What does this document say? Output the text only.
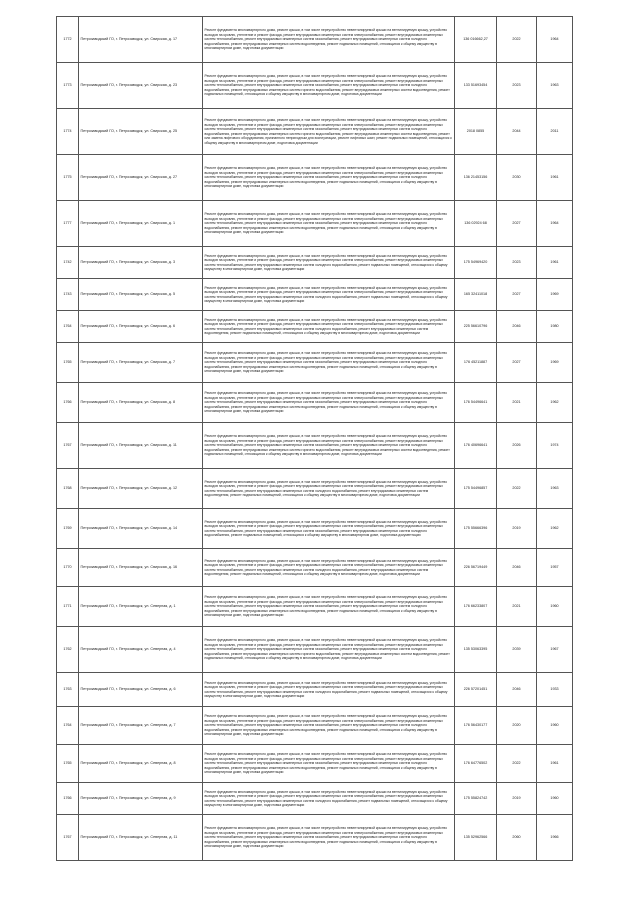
1772	Петрозаводский ГО, г. Петрозаводск, ул. Свирская, д. 17	Ремонт фундамента многоквартирного дома, ремонт крыши, в том числе переустройство невентилируемой крыши на вентилируемую крышу, устройство выходов на кровлю, утепление и ремонт фасада, ремонт внутридомовых инженерных систем электроснабжения, ремонт внутридомовых инженерных систем теплоснабжения, ремонт внутридомовых инженерных систем газоснабжения, ремонт внутридомовых инженерных систем холодного водоснабжения, ремонт внутридомовых инженерных систем водоотведения, ремонт подвальных помещений, относящихся к общему имуществу в многоквартирном доме, подготовка документации	136 016662,27	2022	1964
1773	Петрозаводский ГО, г. Петрозаводск, ул. Свирская, д. 23	Ремонт фундамента многоквартирного дома, ремонт крыши, в том числе переустройство невентилируемой крыши на вентилируемую крышу, устройство выходов на кровлю, утепление и ремонт фасада, ремонт внутридомовых инженерных систем электроснабжения, ремонт внутридомовых инженерных систем теплоснабжения, ремонт внутридомовых инженерных систем газоснабжения, ремонт внутридомовых инженерных систем холодного водоснабжения, ремонт внутридомовых инженерных систем горячего водоснабжения, ремонт внутридомовых инженерных систем водоотведения, ремонт подвальных помещений, относящихся к общему имуществу в многоквартирном доме, подготовка документации	133 51693454	2023	1963
1774	Петрозаводский ГО, г. Петрозаводск, ул. Свирская, д. 25	Ремонт фундамента многоквартирного дома, ремонт крыши, в том числе переустройство невентилируемой крыши на вентилируемую крышу, устройство выходов на кровлю, утепление и ремонт фасада, ремонт внутридомовых инженерных систем электроснабжения, ремонт внутридомовых инженерных систем теплоснабжения, ремонт внутридомовых инженерных систем газоснабжения, ремонт внутридомовых инженерных систем холодного водоснабжения, ремонт внутридомовых инженерных систем горячего водоснабжения, ремонт внутридомовых инженерных систем водоотведения, ремонт или замена лифтового оборудования, признанного непригодным для эксплуатации, ремонт лифтовых шахт, ремонт подвальных помещений, относящихся к общему имуществу в многоквартирном доме, подготовка документации	2018 0855	2044	2011
1775	Петрозаводский ГО, г. Петрозаводск, ул. Свирская, д. 27	Ремонт фундамента многоквартирного дома, ремонт крыши, в том числе переустройство невентилируемой крыши на вентилируемую крышу, устройство выходов на кровлю, утепление и ремонт фасада, ремонт внутридомовых инженерных систем электроснабжения, ремонт внутридомовых инженерных систем теплоснабжения, ремонт внутридомовых инженерных систем газоснабжения, ремонт внутридомовых инженерных систем холодного водоснабжения, ремонт внутридомовых инженерных систем водоотведения, ремонт подвальных помещений, относящихся к общему имуществу в многоквартирном доме, подготовка документации	136 21453156	2030	1961
1777	Петрозаводский ГО, г. Петрозаводск, ул. Свирская, д. 1	Ремонт фундамента многоквартирного дома, ремонт крыши, в том числе переустройство невентилируемой крыши на вентилируемую крышу, устройство выходов на кровлю, утепление и ремонт фасада, ремонт внутридомовых инженерных систем электроснабжения, ремонт внутридомовых инженерных систем теплоснабжения, ремонт внутридомовых инженерных систем газоснабжения, ремонт внутридомовых инженерных систем холодного водоснабжения, ремонт внутридомовых инженерных систем водоотведения, ремонт подвальных помещений, относящихся к общему имуществу в многоквартирном доме, подготовка документации	136 02924 68	2027	1964
1742	Петрозаводский ГО, г. Петрозаводск, ул. Свирская, д. 3	Ремонт фундамента многоквартирного дома, ремонт крыши, в том числе переустройство невентилируемой крыши на вентилируемую крышу, устройство выходов на кровлю, утепление и ремонт фасада, ремонт внутридомовых инженерных систем электроснабжения, ремонт внутридомовых инженерных систем теплоснабжения, ремонт внутридомовых инженерных систем холодного водоснабжения, ремонт подвальных помещений, относящихся к общему имуществу в многоквартирном доме, подготовка документации	175 54969420	2023	1961
1743	Петрозаводский ГО, г. Петрозаводск, ул. Свирская, д. 5	Ремонт фундамента многоквартирного дома, ремонт крыши, в том числе переустройство невентилируемой крыши на вентилируемую крышу, устройство выходов на кровлю, утепление и ремонт фасада, ремонт внутридомовых инженерных систем электроснабжения, ремонт внутридомовых инженерных систем теплоснабжения, ремонт внутридомовых инженерных систем холодного водоснабжения, ремонт подвальных помещений, относящихся к общему имуществу в многоквартирном доме, подготовка документации	165 32411018	2027	1969
1764	Петрозаводский ГО, г. Петрозаводск, ул. Свирская, д. 6	Ремонт фундамента многоквартирного дома, ремонт крыши, в том числе переустройство невентилируемой крыши на вентилируемую крышу, устройство выходов на кровлю, утепление и ремонт фасада, ремонт внутридомовых инженерных систем электроснабжения, ремонт внутридомовых инженерных систем теплоснабжения, ремонт внутридомовых инженерных систем холодного водоснабжения, ремонт внутридомовых инженерных систем водоотведения, ремонт подвальных помещений, относящихся к общему имуществу в многоквартирном доме, подготовка документации	225 56610796	2046	1980
1765	Петрозаводский ГО, г. Петрозаводск, ул. Свирская, д. 7	Ремонт фундамента многоквартирного дома, ремонт крыши, в том числе переустройство невентилируемой крыши на вентилируемую крышу, устройство выходов на кровлю, утепление и ремонт фасада, ремонт внутридомовых инженерных систем электроснабжения, ремонт внутридомовых инженерных систем теплоснабжения, ремонт внутридомовых инженерных систем газоснабжения, ремонт внутридомовых инженерных систем холодного водоснабжения, ремонт внутридомовых инженерных систем водоотведения, ремонт подвальных помещений, относящихся к общему имуществу в многоквартирном доме, подготовка документации	176 45211887	2027	1969
1766	Петрозаводский ГО, г. Петрозаводск, ул. Свирская, д. 8	Ремонт фундамента многоквартирного дома, ремонт крыши, в том числе переустройство невентилируемой крыши на вентилируемую крышу, устройство выходов на кровлю, утепление и ремонт фасада, ремонт внутридомовых инженерных систем электроснабжения, ремонт внутридомовых инженерных систем теплоснабжения, ремонт внутридомовых инженерных систем газоснабжения, ремонт внутридомовых инженерных систем холодного водоснабжения, ремонт внутридомовых инженерных систем водоотведения, ремонт подвальных помещений, относящихся к общему имуществу в многоквартирном доме, подготовка документации	176 54496641	2021	1962
1767	Петрозаводский ГО, г. Петрозаводск, ул. Свирская, д. 11	Ремонт фундамента многоквартирного дома, ремонт крыши, в том числе переустройство невентилируемой крыши на вентилируемую крышу, устройство выходов на кровлю, утепление и ремонт фасада, ремонт внутридомовых инженерных систем электроснабжения, ремонт внутридомовых инженерных систем теплоснабжения, ремонт внутридомовых инженерных систем газоснабжения, ремонт внутридомовых инженерных систем холодного водоснабжения, ремонт внутридомовых инженерных систем горячего водоснабжения, ремонт внутридомовых инженерных систем водоотведения, ремонт подвальных помещений, относящихся к общему имуществу в многоквартирном доме, подготовка документации	176 40696641	2026	1974
1768	Петрозаводский ГО, г. Петрозаводск, ул. Свирская, д. 12	Ремонт фундамента многоквартирного дома, ремонт крыши, в том числе переустройство невентилируемой крыши на вентилируемую крышу, устройство выходов на кровлю, утепление и ремонт фасада, ремонт внутридомовых инженерных систем электроснабжения, ремонт внутридомовых инженерных систем теплоснабжения, ремонт внутридомовых инженерных систем холодного водоснабжения, ремонт внутридомовых инженерных систем водоотведения, ремонт подвальных помещений, относящихся к общему имуществу в многоквартирном доме, подготовка документации	175 54496857	2022	1963
1769	Петрозаводский ГО, г. Петрозаводск, ул. Свирская, д. 14	Ремонт фундамента многоквартирного дома, ремонт крыши, в том числе переустройство невентилируемой крыши на вентилируемую крышу, устройство выходов на кровлю, утепление и ремонт фасада, ремонт внутридомовых инженерных систем электроснабжения, ремонт внутридомовых инженерных систем теплоснабжения, ремонт внутридомовых инженерных систем газоснабжения, ремонт внутридомовых инженерных систем холодного водоснабжения, ремонт подвальных помещений, относящихся к общему имуществу в многоквартирном доме, подготовка документации	175 55666396	2019	1962
1770	Петрозаводский ГО, г. Петрозаводск, ул. Свирская, д. 16	Ремонт фундамента многоквартирного дома, ремонт крыши, в том числе переустройство невентилируемой крыши на вентилируемую крышу, устройство выходов на кровлю, утепление и ремонт фасада, ремонт внутридомовых инженерных систем электроснабжения, ремонт внутридомовых инженерных систем теплоснабжения, ремонт внутридомовых инженерных систем холодного водоснабжения, ремонт внутридомовых инженерных систем водоотведения, ремонт подвальных помещений, относящихся к общему имуществу в многоквартирном доме, подготовка документации	226 56719449	2046	1957
1771	Петрозаводский ГО, г. Петрозаводск, ул. Северная, д. 1	Ремонт фундамента многоквартирного дома, ремонт крыши, в том числе переустройство невентилируемой крыши на вентилируемую крышу, устройство выходов на кровлю, утепление и ремонт фасада, ремонт внутридомовых инженерных систем электроснабжения, ремонт внутридомовых инженерных систем теплоснабжения, ремонт внутридомовых инженерных систем газоснабжения, ремонт внутридомовых инженерных систем холодного водоснабжения, ремонт внутридомовых инженерных систем водоотведения, ремонт подвальных помещений, относящихся к общему имуществу в многоквартирном доме, подготовка документации	176 66233807	2021	1960
1762	Петрозаводский ГО, г. Петрозаводск, ул. Северная, д. 4	Ремонт фундамента многоквартирного дома, ремонт крыши, в том числе переустройство невентилируемой крыши на вентилируемую крышу, устройство выходов на кровлю, утепление и ремонт фасада, ремонт внутридомовых инженерных систем электроснабжения, ремонт внутридомовых инженерных систем теплоснабжения, ремонт внутридомовых инженерных систем газоснабжения, ремонт внутридомовых инженерных систем холодного водоснабжения, ремонт внутридомовых инженерных систем горячего водоснабжения, ремонт внутридомовых инженерных систем водоотведения, ремонт подвальных помещений, относящихся к общему имуществу в многоквартирном доме, подготовка документации	135 53063395	2039	1967
1763	Петрозаводский ГО, г. Петрозаводск, ул. Северная, д. 6	Ремонт фундамента многоквартирного дома, ремонт крыши, в том числе переустройство невентилируемой крыши на вентилируемую крышу, устройство выходов на кровлю, утепление и ремонт фасада, ремонт внутридомовых инженерных систем электроснабжения, ремонт внутридомовых инженерных систем теплоснабжения, ремонт внутридомовых инженерных систем холодного водоснабжения, ремонт подвальных помещений, относящихся к общему имуществу в многоквартирном доме, подготовка документации	226 57201451	2046	1933
1764	Петрозаводский ГО, г. Петрозаводск, ул. Северная, д. 7	Ремонт фундамента многоквартирного дома, ремонт крыши, в том числе переустройство невентилируемой крыши на вентилируемую крышу, устройство выходов на кровлю, утепление и ремонт фасада, ремонт внутридомовых инженерных систем электроснабжения, ремонт внутридомовых инженерных систем теплоснабжения, ремонт внутридомовых инженерных систем газоснабжения, ремонт внутридомовых инженерных систем холодного водоснабжения, ремонт внутридомовых инженерных систем водоотведения, ремонт подвальных помещений, относящихся к общему имуществу в многоквартирном доме, подготовка документации	176 56430177	2020	1960
1765	Петрозаводский ГО, г. Петрозаводск, ул. Северная, д. 8	Ремонт фундамента многоквартирного дома, ремонт крыши, в том числе переустройство невентилируемой крыши на вентилируемую крышу, устройство выходов на кровлю, утепление и ремонт фасада, ремонт внутридомовых инженерных систем электроснабжения, ремонт внутридомовых инженерных систем теплоснабжения, ремонт внутридомовых инженерных систем газоснабжения, ремонт внутридомовых инженерных систем холодного водоснабжения, ремонт внутридомовых инженерных систем водоотведения, ремонт подвальных помещений, относящихся к общему имуществу в многоквартирном доме, подготовка документации	176 64776502	2022	1961
1766	Петрозаводский ГО, г. Петрозаводск, ул. Северная, д. 9	Ремонт фундамента многоквартирного дома, ремонт крыши, в том числе переустройство невентилируемой крыши на вентилируемую крышу, устройство выходов на кровлю, утепление и ремонт фасада, ремонт внутридомовых инженерных систем электроснабжения, ремонт внутридомовых инженерных систем теплоснабжения, ремонт внутридомовых инженерных систем холодного водоснабжения, ремонт подвальных помещений, относящихся к общему имуществу в многоквартирном доме, подготовка документации	175 55824742	2019	1960
1767	Петрозаводский ГО, г. Петрозаводск, ул. Северная, д. 11	Ремонт фундамента многоквартирного дома, ремонт крыши, в том числе переустройство невентилируемой крыши на вентилируемую крышу, устройство выходов на кровлю, утепление и ремонт фасада, ремонт внутридомовых инженерных систем электроснабжения, ремонт внутридомовых инженерных систем теплоснабжения, ремонт внутридомовых инженерных систем газоснабжения, ремонт внутридомовых инженерных систем холодного водоснабжения, ремонт внутридомовых инженерных систем водоотведения, ремонт подвальных помещений, относящихся к общему имуществу в многоквартирном доме, подготовка документации	135 52962566	2060	1966
